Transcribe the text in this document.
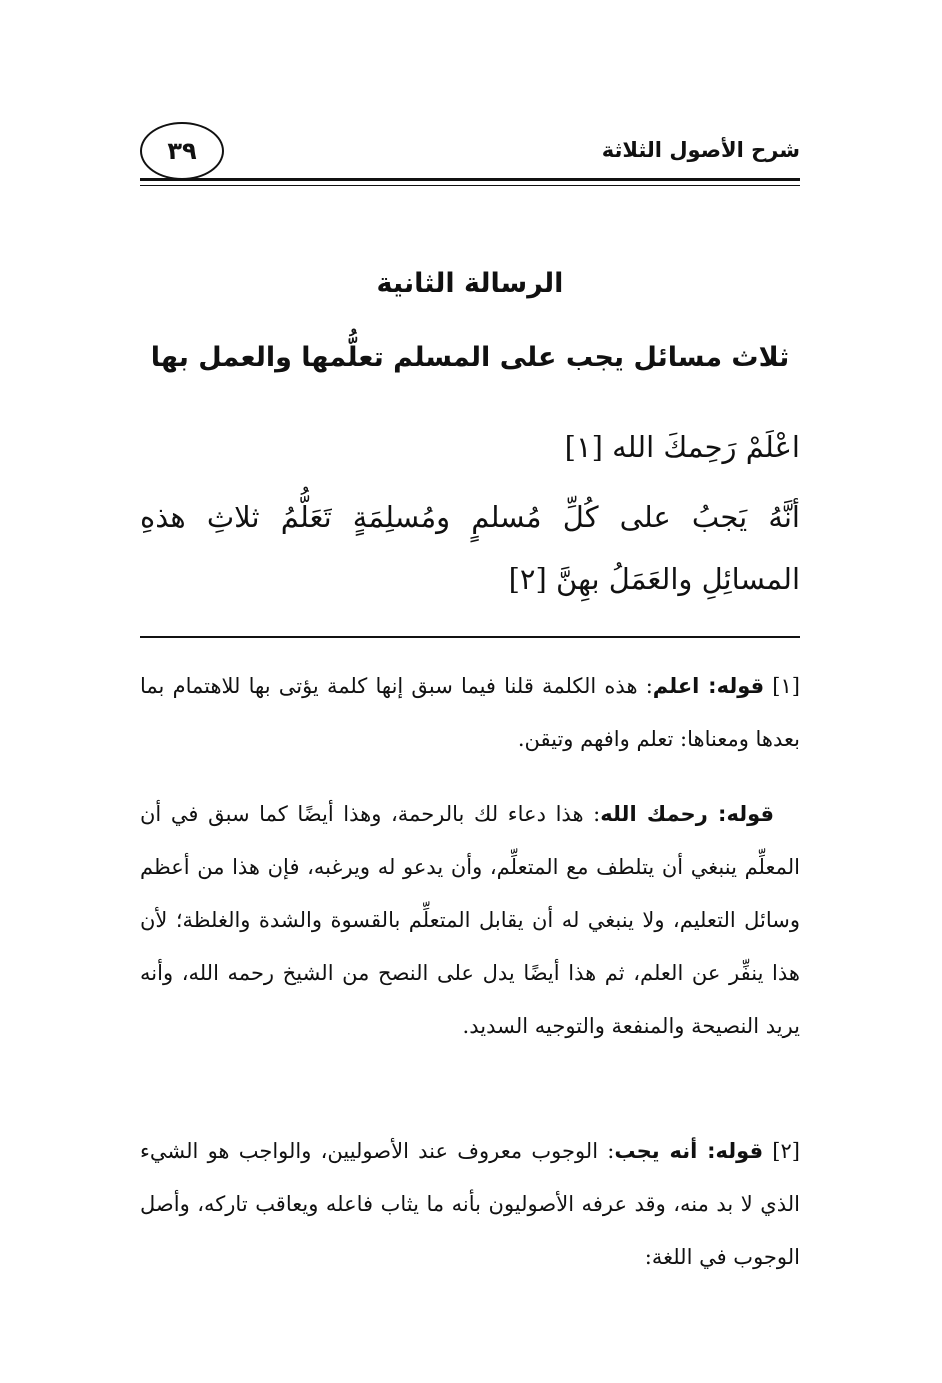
شرح الأصول الثلاثة
٣٩
الرسالة الثانية
ثلاث مسائل يجب على المسلم تعلُّمها والعمل بها
اعْلَمْ رَحِمكَ الله [١]
أنَّهُ يَجبُ على كُلِّ مُسلمٍ ومُسلِمَةٍ تَعَلُّمُ ثلاثِ هذهِ المسائِلِ والعَمَلُ بهِنَّ [٢]
[١] قوله: اعلم: هذه الكلمة قلنا فيما سبق إنها كلمة يؤتى بها للاهتمام بما بعدها ومعناها: تعلم وافهم وتيقن.
قوله: رحمك الله: هذا دعاء لك بالرحمة، وهذا أيضًا كما سبق في أن المعلِّم ينبغي أن يتلطف مع المتعلِّم، وأن يدعو له ويرغبه، فإن هذا من أعظم وسائل التعليم، ولا ينبغي له أن يقابل المتعلِّم بالقسوة والشدة والغلظة؛ لأن هذا ينفِّر عن العلم، ثم هذا أيضًا يدل على النصح من الشيخ رحمه الله، وأنه يريد النصيحة والمنفعة والتوجيه السديد.
[٢] قوله: أنه يجب: الوجوب معروف عند الأصوليين، والواجب هو الشيء الذي لا بد منه، وقد عرفه الأصوليون بأنه ما يثاب فاعله ويعاقب تاركه، وأصل الوجوب في اللغة:
